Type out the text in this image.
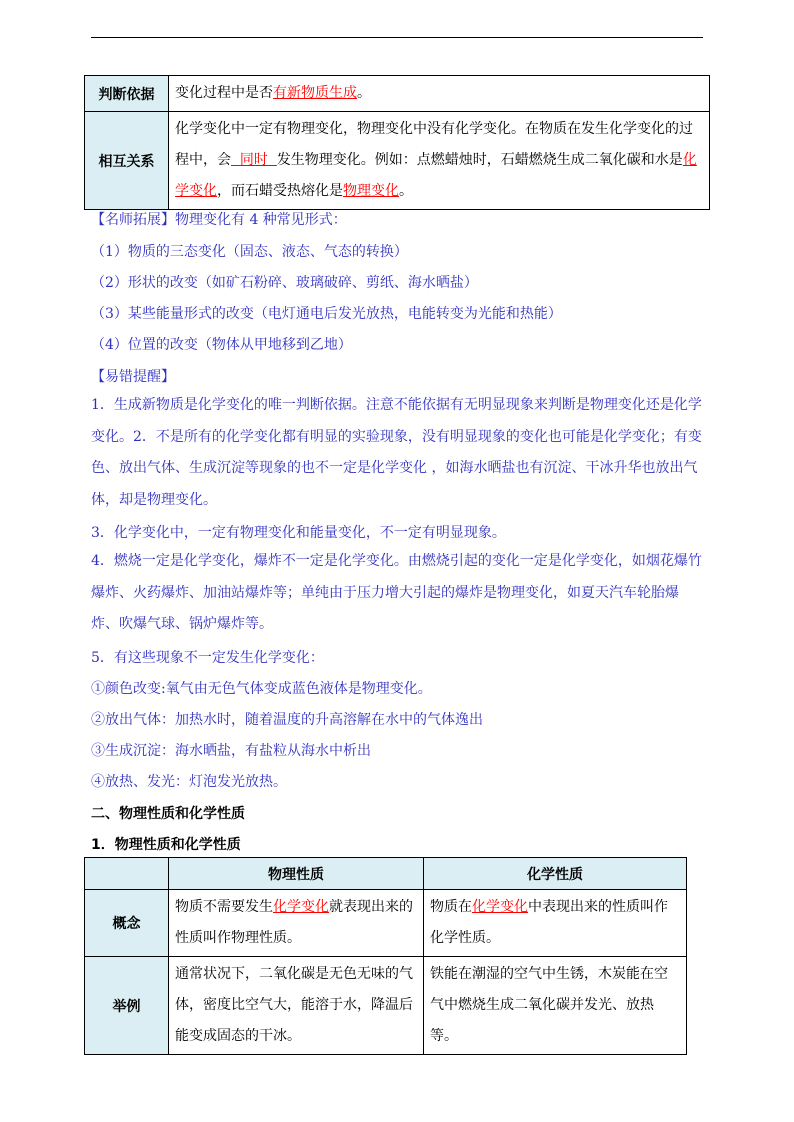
判断依据	变化过程中是否有新物质生成。
相互关系	化学变化中一定有物理变化，物理变化中没有化学变化。在物质在发生化学变化的过程中，会  同时  发生物理变化。例如：点燃蜡烛时，石蜡燃烧生成二氧化碳和水是化学变化，而石蜡受热熔化是物理变化。
【名师拓展】物理变化有 4 种常见形式：
（1）物质的三态变化（固态、液态、气态的转换）
（2）形状的改变（如矿石粉碎、玻璃破碎、剪纸、海水晒盐）
（3）某些能量形式的改变（电灯通电后发光放热，电能转变为光能和热能）
（4）位置的改变（物体从甲地移到乙地）
【易错提醒】
1．生成新物质是化学变化的唯一判断依据。注意不能依据有无明显现象来判断是物理变化还是化学变化。2．不是所有的化学变化都有明显的实验现象，没有明显现象的变化也可能是化学变化；有变色、放出气体、生成沉淀等现象的也不一定是化学变化 ，如海水晒盐也有沉淀、干冰升华也放出气体，却是物理变化。
3．化学变化中，一定有物理变化和能量变化，不一定有明显现象。
4．燃烧一定是化学变化，爆炸不一定是化学变化。由燃烧引起的变化一定是化学变化，如烟花爆竹爆炸、火药爆炸、加油站爆炸等；单纯由于压力增大引起的爆炸是物理变化，如夏天汽车轮胎爆炸、吹爆气球、锅炉爆炸等。
5．有这些现象不一定发生化学变化：
①颜色改变:氧气由无色气体变成蓝色液体是物理变化。
②放出气体：加热水时，随着温度的升高溶解在水中的气体逸出
③生成沉淀：海水晒盐，有盐粒从海水中析出
④放热、发光：灯泡发光放热。
二、物理性质和化学性质
1．物理性质和化学性质
	物理性质	化学性质
概念	物质不需要发生化学变化就表现出来的性质叫作物理性质。	物质在化学变化中表现出来的性质叫作化学性质。
举例	通常状况下，二氧化碳是无色无味的气体，密度比空气大，能溶于水，降温后能变成固态的干冰。	铁能在潮湿的空气中生锈，木炭能在空气中燃烧生成二氧化碳并发光、放热等。
